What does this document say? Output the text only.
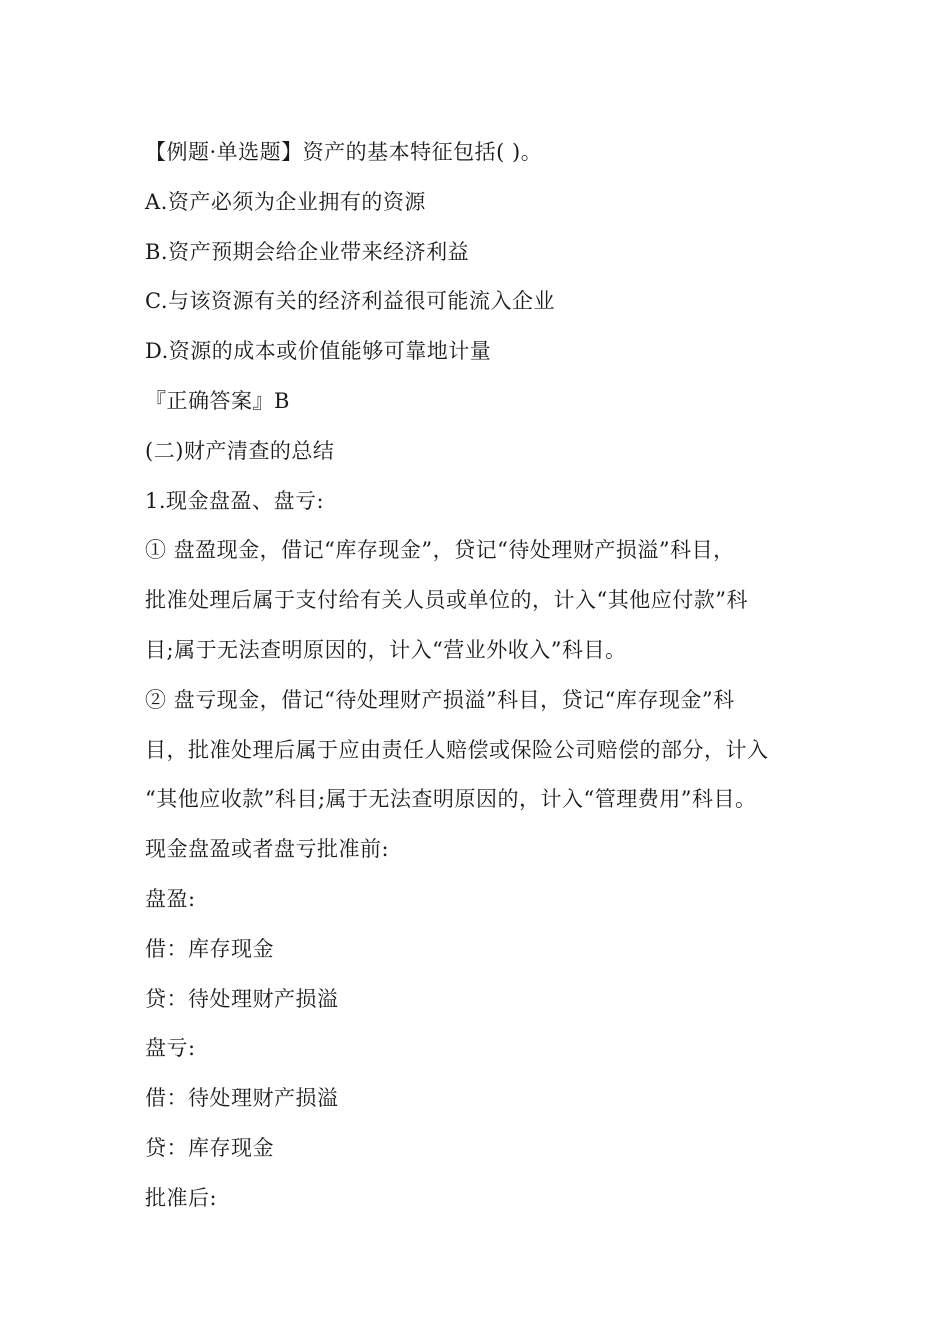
【例题·单选题】资产的基本特征包括( )。
A.资产必须为企业拥有的资源
B.资产预期会给企业带来经济利益
C.与该资源有关的经济利益很可能流入企业
D.资源的成本或价值能够可靠地计量
『正确答案』B
(二)财产清查的总结
1.现金盘盈、盘亏:
① 盘盈现金，借记“库存现金”，贷记“待处理财产损溢”科目，
批准处理后属于支付给有关人员或单位的，计入“其他应付款”科
目;属于无法查明原因的，计入“营业外收入”科目。
② 盘亏现金，借记“待处理财产损溢”科目，贷记“库存现金”科
目，批准处理后属于应由责任人赔偿或保险公司赔偿的部分，计入
“其他应收款”科目;属于无法查明原因的，计入“管理费用”科目。
现金盘盈或者盘亏批准前:
盘盈:
借：库存现金
贷：待处理财产损溢
盘亏:
借：待处理财产损溢
贷：库存现金
批准后:
